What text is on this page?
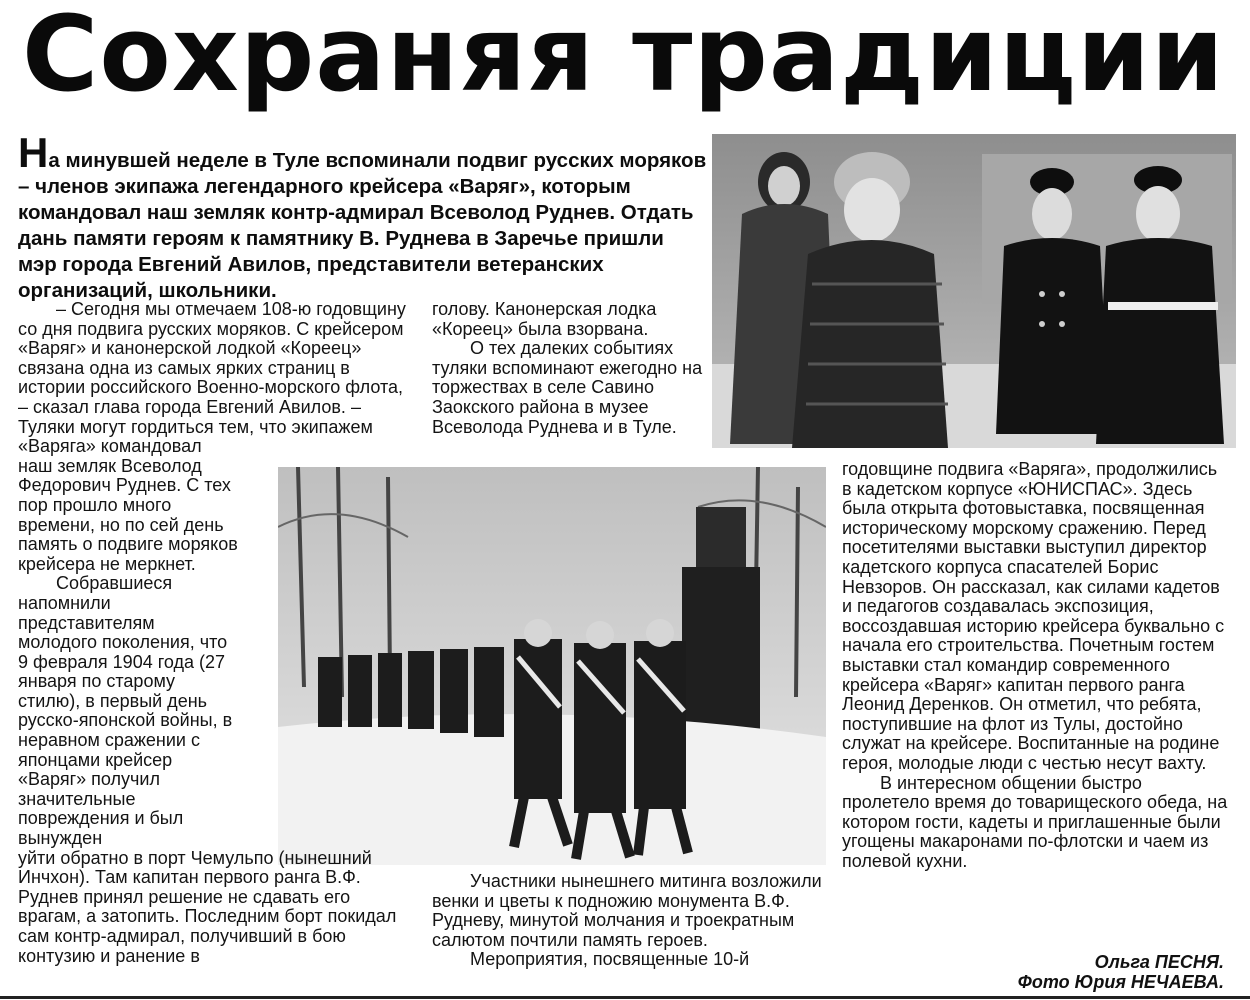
Сохраняя традиции
На минувшей неделе в Туле вспоминали подвиг русских моряков – членов экипажа легендарного крейсера «Варяг», которым командовал наш земляк контр-адмирал Всеволод Руднев. Отдать дань памяти героям к памятнику В. Руднева в Заречье пришли мэр города Евгений Авилов, представители ветеранских организаций, школьники.

– Сегодня мы отмечаем 108-ю годовщину со дня подвига русских моряков. С крейсером «Варяг» и канонерской лодкой «Кореец» связана одна из самых ярких страниц в истории российского Военно-морского флота, – сказал глава города Евгений Авилов. – Туляки могут гордиться тем, что экипажем

«Варяга» командовал наш земляк Всеволод Федорович Руднев. С тех пор прошло много времени, но по сей день память о подвиге моряков крейсера не меркнет.

Собравшиеся напомнили представителям молодого поколения, что 9 февраля 1904 года (27 января по старому стилю), в первый день русско-японской войны, в неравном сражении с японцами крейсер «Варяг» получил значительные повреждения и был вынужден

уйти обратно в порт Чемульпо (нынешний Инчхон). Там капитан первого ранга В.Ф. Руднев принял решение не сдавать его врагам, а затопить. Последним борт покидал сам контр-адмирал, получивший в бою контузию и ранение в

голову. Канонерская лодка «Кореец» была взорвана.

О тех далеких событиях туляки вспоминают ежегодно на торжествах в селе Савино Заокского района в музее Всеволода Руднева и в Туле.

Участники нынешнего митинга возложили венки и цветы к подножию монумента В.Ф. Рудневу, минутой молчания и троекратным салютом почтили память героев.

Мероприятия, посвященные 10-й

годовщине подвига «Варяга», продолжились в кадетском корпусе «ЮНИСПАС». Здесь была открыта фотовыставка, посвященная историческому морскому сражению. Перед посетителями выставки выступил директор кадетского корпуса спасателей Борис Невзоров. Он рассказал, как силами кадетов и педагогов создавалась экспозиция, воссоздавшая историю крейсера буквально с начала его строительства. Почетным гостем выставки стал командир современного крейсера «Варяг» капитан первого ранга Леонид Деренков. Он отметил, что ребята, поступившие на флот из Тулы, достойно служат на крейсере. Воспитанные на родине героя, молодые люди с честью несут вахту.

В интересном общении быстро пролетело время до товарищеского обеда, на котором гости, кадеты и приглашенные были угощены макаронами по-флотски и чаем из полевой кухни.

Ольга ПЕСНЯ.
Фото Юрия НЕЧАЕВА.
